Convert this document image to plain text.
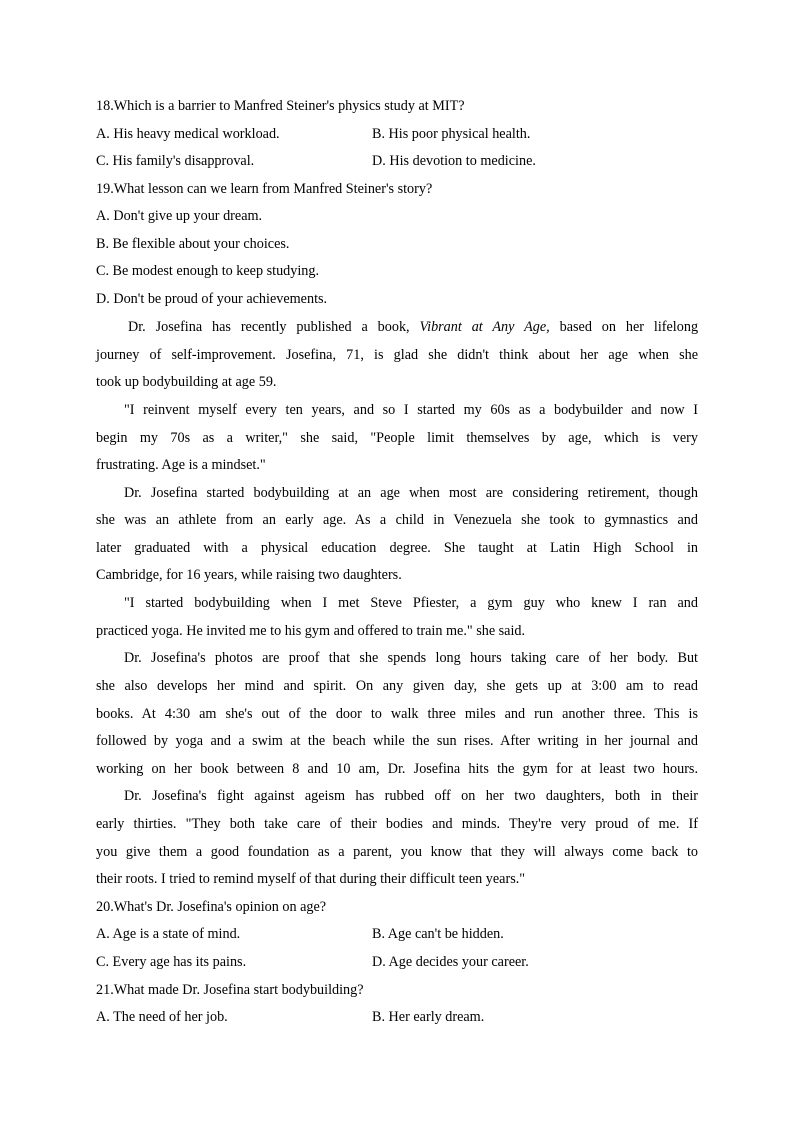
18.Which is a barrier to Manfred Steiner's physics study at MIT?
A. His heavy medical workload.	B. His poor physical health.
C. His family's disapproval.	D. His devotion to medicine.
19.What lesson can we learn from Manfred Steiner's story?
A. Don't give up your dream.
B. Be flexible about your choices.
C. Be modest enough to keep studying.
D. Don't be proud of your achievements.
Dr. Josefina has recently published a book, Vibrant at Any Age, based on her lifelong
journey of self-improvement. Josefina, 71, is glad she didn't think about her age when she
took up bodybuilding at age 59.
"I reinvent myself every ten years, and so I started my 60s as a bodybuilder and now I
begin my 70s as a writer," she said, "People limit themselves by age, which is very
frustrating. Age is a mindset."
Dr. Josefina started bodybuilding at an age when most are considering retirement, though
she was an athlete from an early age. As a child in Venezuela she took to gymnastics and
later graduated with a physical education degree. She taught at Latin High School in
Cambridge, for 16 years, while raising two daughters.
"I started bodybuilding when I met Steve Pfiester, a gym guy who knew I ran and
practiced yoga. He invited me to his gym and offered to train me." she said.
Dr. Josefina's photos are proof that she spends long hours taking care of her body. But
she also develops her mind and spirit. On any given day, she gets up at 3:00 am to read
books. At 4:30 am she's out of the door to walk three miles and run another three. This is
followed by yoga and a swim at the beach while the sun rises. After writing in her journal and
working on her book between 8 and 10 am, Dr. Josefina hits the gym for at least two hours.
Dr. Josefina's fight against ageism has rubbed off on her two daughters, both in their
early thirties. "They both take care of their bodies and minds. They're very proud of me. If
you give them a good foundation as a parent, you know that they will always come back to
their roots. I tried to remind myself of that during their difficult teen years."
20.What's Dr. Josefina's opinion on age?
A. Age is a state of mind.	B. Age can't be hidden.
C. Every age has its pains.	D. Age decides your career.
21.What made Dr. Josefina start bodybuilding?
A. The need of her job.	B. Her early dream.
